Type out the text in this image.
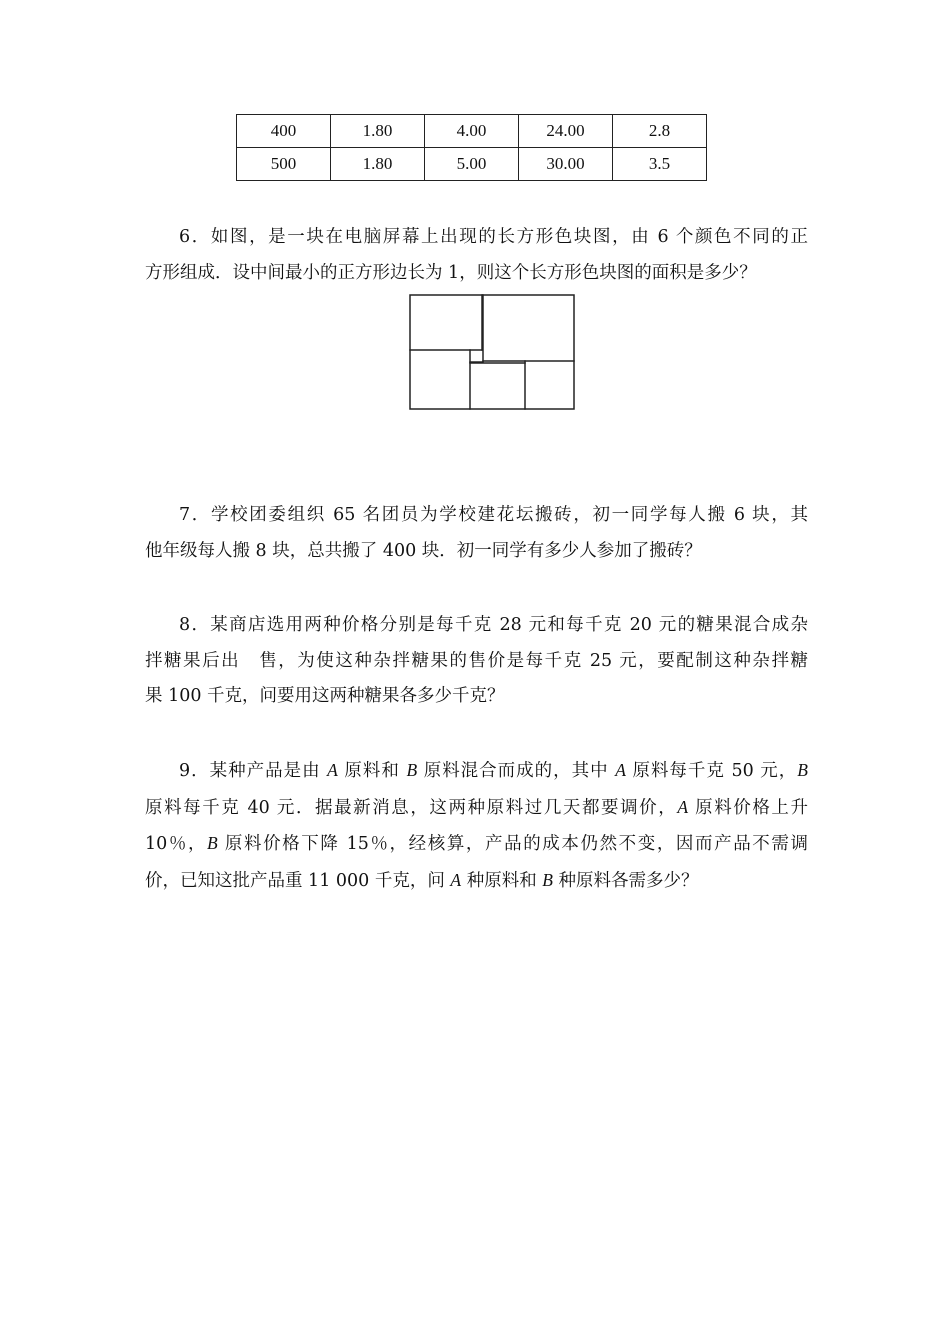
400	1.80	4.00	24.00	2.8
500	1.80	5.00	30.00	3.5
6．如图，是一块在电脑屏幕上出现的长方形色块图，由 6 个颜色不同的正
方形组成．设中间最小的正方形边长为 1，则这个长方形色块图的面积是多少？
7．学校团委组织 65 名团员为学校建花坛搬砖，初一同学每人搬 6 块，其
他年级每人搬 8 块，总共搬了 400 块．初一同学有多少人参加了搬砖？
8．某商店选用两种价格分别是每千克 28 元和每千克 20 元的糖果混合成杂
拌糖果后出　售，为使这种杂拌糖果的售价是每千克 25 元，要配制这种杂拌糖
果 100 千克，问要用这两种糖果各多少千克？
9．某种产品是由 A 原料和 B 原料混合而成的，其中 A 原料每千克 50 元，B
原料每千克 40 元．据最新消息，这两种原料过几天都要调价，A 原料价格上升
10％，B 原料价格下降 15％，经核算，产品的成本仍然不变，因而产品不需调
价，已知这批产品重 11 000 千克，问 A 种原料和 B 种原料各需多少？
